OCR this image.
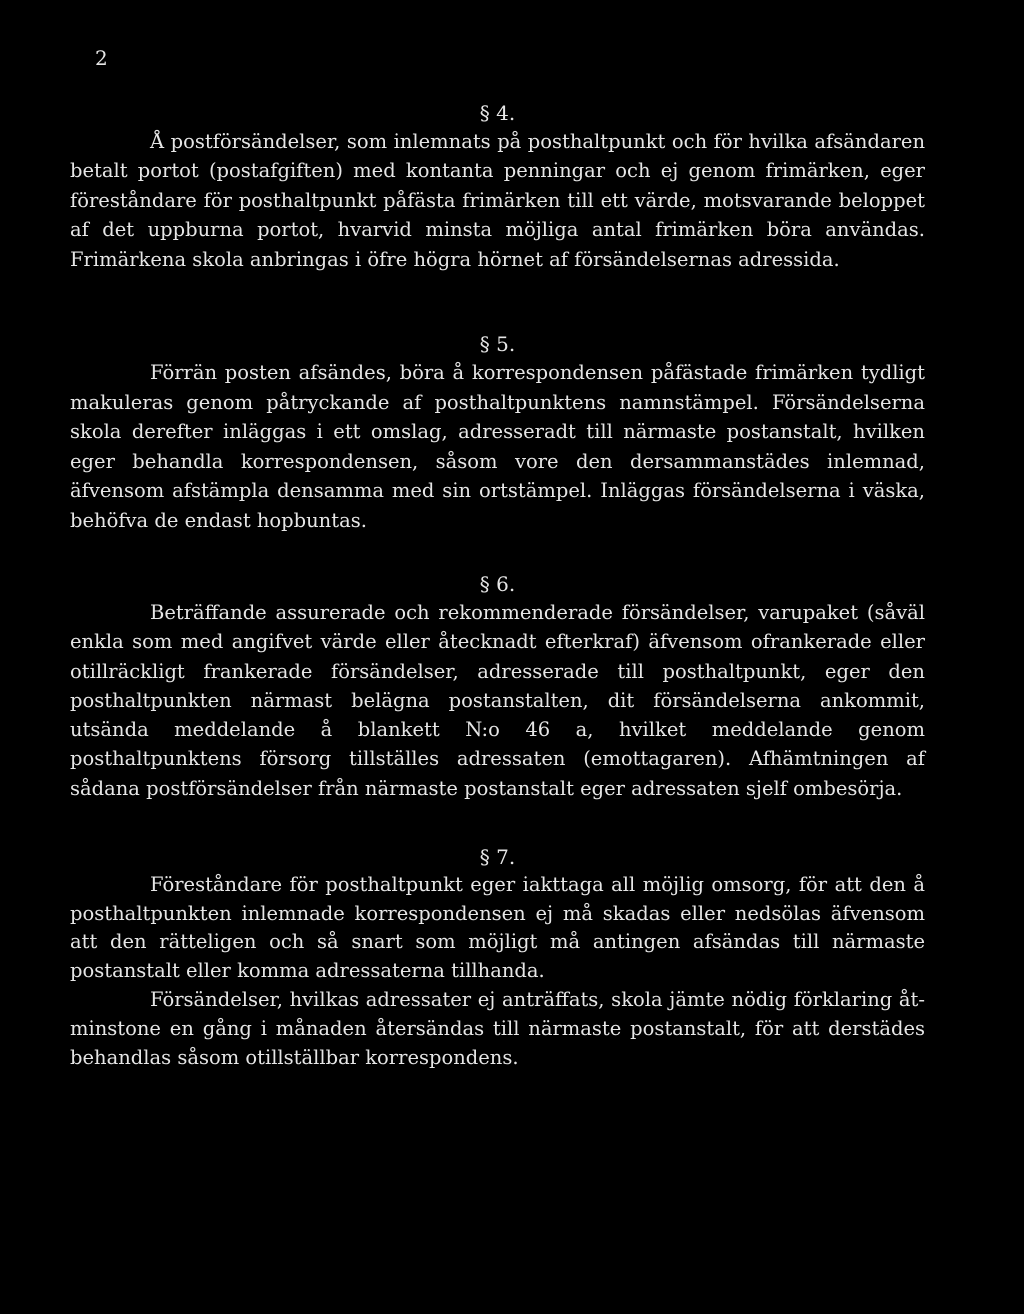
2
§ 4.

Å postförsändelser, som inlemnats på posthaltpunkt och för hvilka afsändaren betalt portot (postafgiften) med kontanta penningar och ej genom frimärken, eger föreståndare för posthaltpunkt påfästa frimärken till ett värde, motsvarande beloppet af det uppburna portot, hvarvid minsta möjliga antal frimärken böra användas. Frimärkena skola anbringas i öfre högra hörnet af försändelsernas adressida.

§ 5.

Förrän posten afsändes, böra å korrespondensen påfästade frimärken tydligt makuleras genom påtryckande af posthaltpunktens namnstämpel. Försändelserna skola derefter inläggas i ett omslag, adresseradt till närmaste postanstalt, hvilken eger behandla korrespondensen, såsom vore den dersammanstädes inlemnad, äfvensom afstämpla densamma med sin ortstämpel. Inläggas försändelserna i väska, behöfva de endast hopbuntas.

§ 6.

Beträffande assurerade och rekommenderade försändelser, varupaket (såväl enkla som med angifvet värde eller åtecknadt efterkraf) äfvensom ofrankerade eller otillräckligt frankerade försändelser, adresserade till posthaltpunkt, eger den posthaltpunkten närmast belägna postanstalten, dit försändelserna ankommit, utsända meddelande å blankett N:o 46 a, hvilket meddelande genom posthaltpunktens försorg tillställes adressaten (emottagaren). Afhämtningen af sådana postförsändelser från närmaste postanstalt eger adressaten sjelf ombesörja.

§ 7.

Föreståndare för posthaltpunkt eger iakttaga all möjlig omsorg, för att den å posthaltpunkten inlemnade korrespondensen ej må skadas eller nedsölas äfvensom att den rätteligen och så snart som möjligt må antingen afsändas till närmaste postanstalt eller komma adressaterna tillhanda.

Försändelser, hvilkas adressater ej anträffats, skola jämte nödig förklaring åtminstone en gång i månaden återsändas till närmaste postanstalt, för att derstädes behandlas såsom otillställbar korrespondens.
